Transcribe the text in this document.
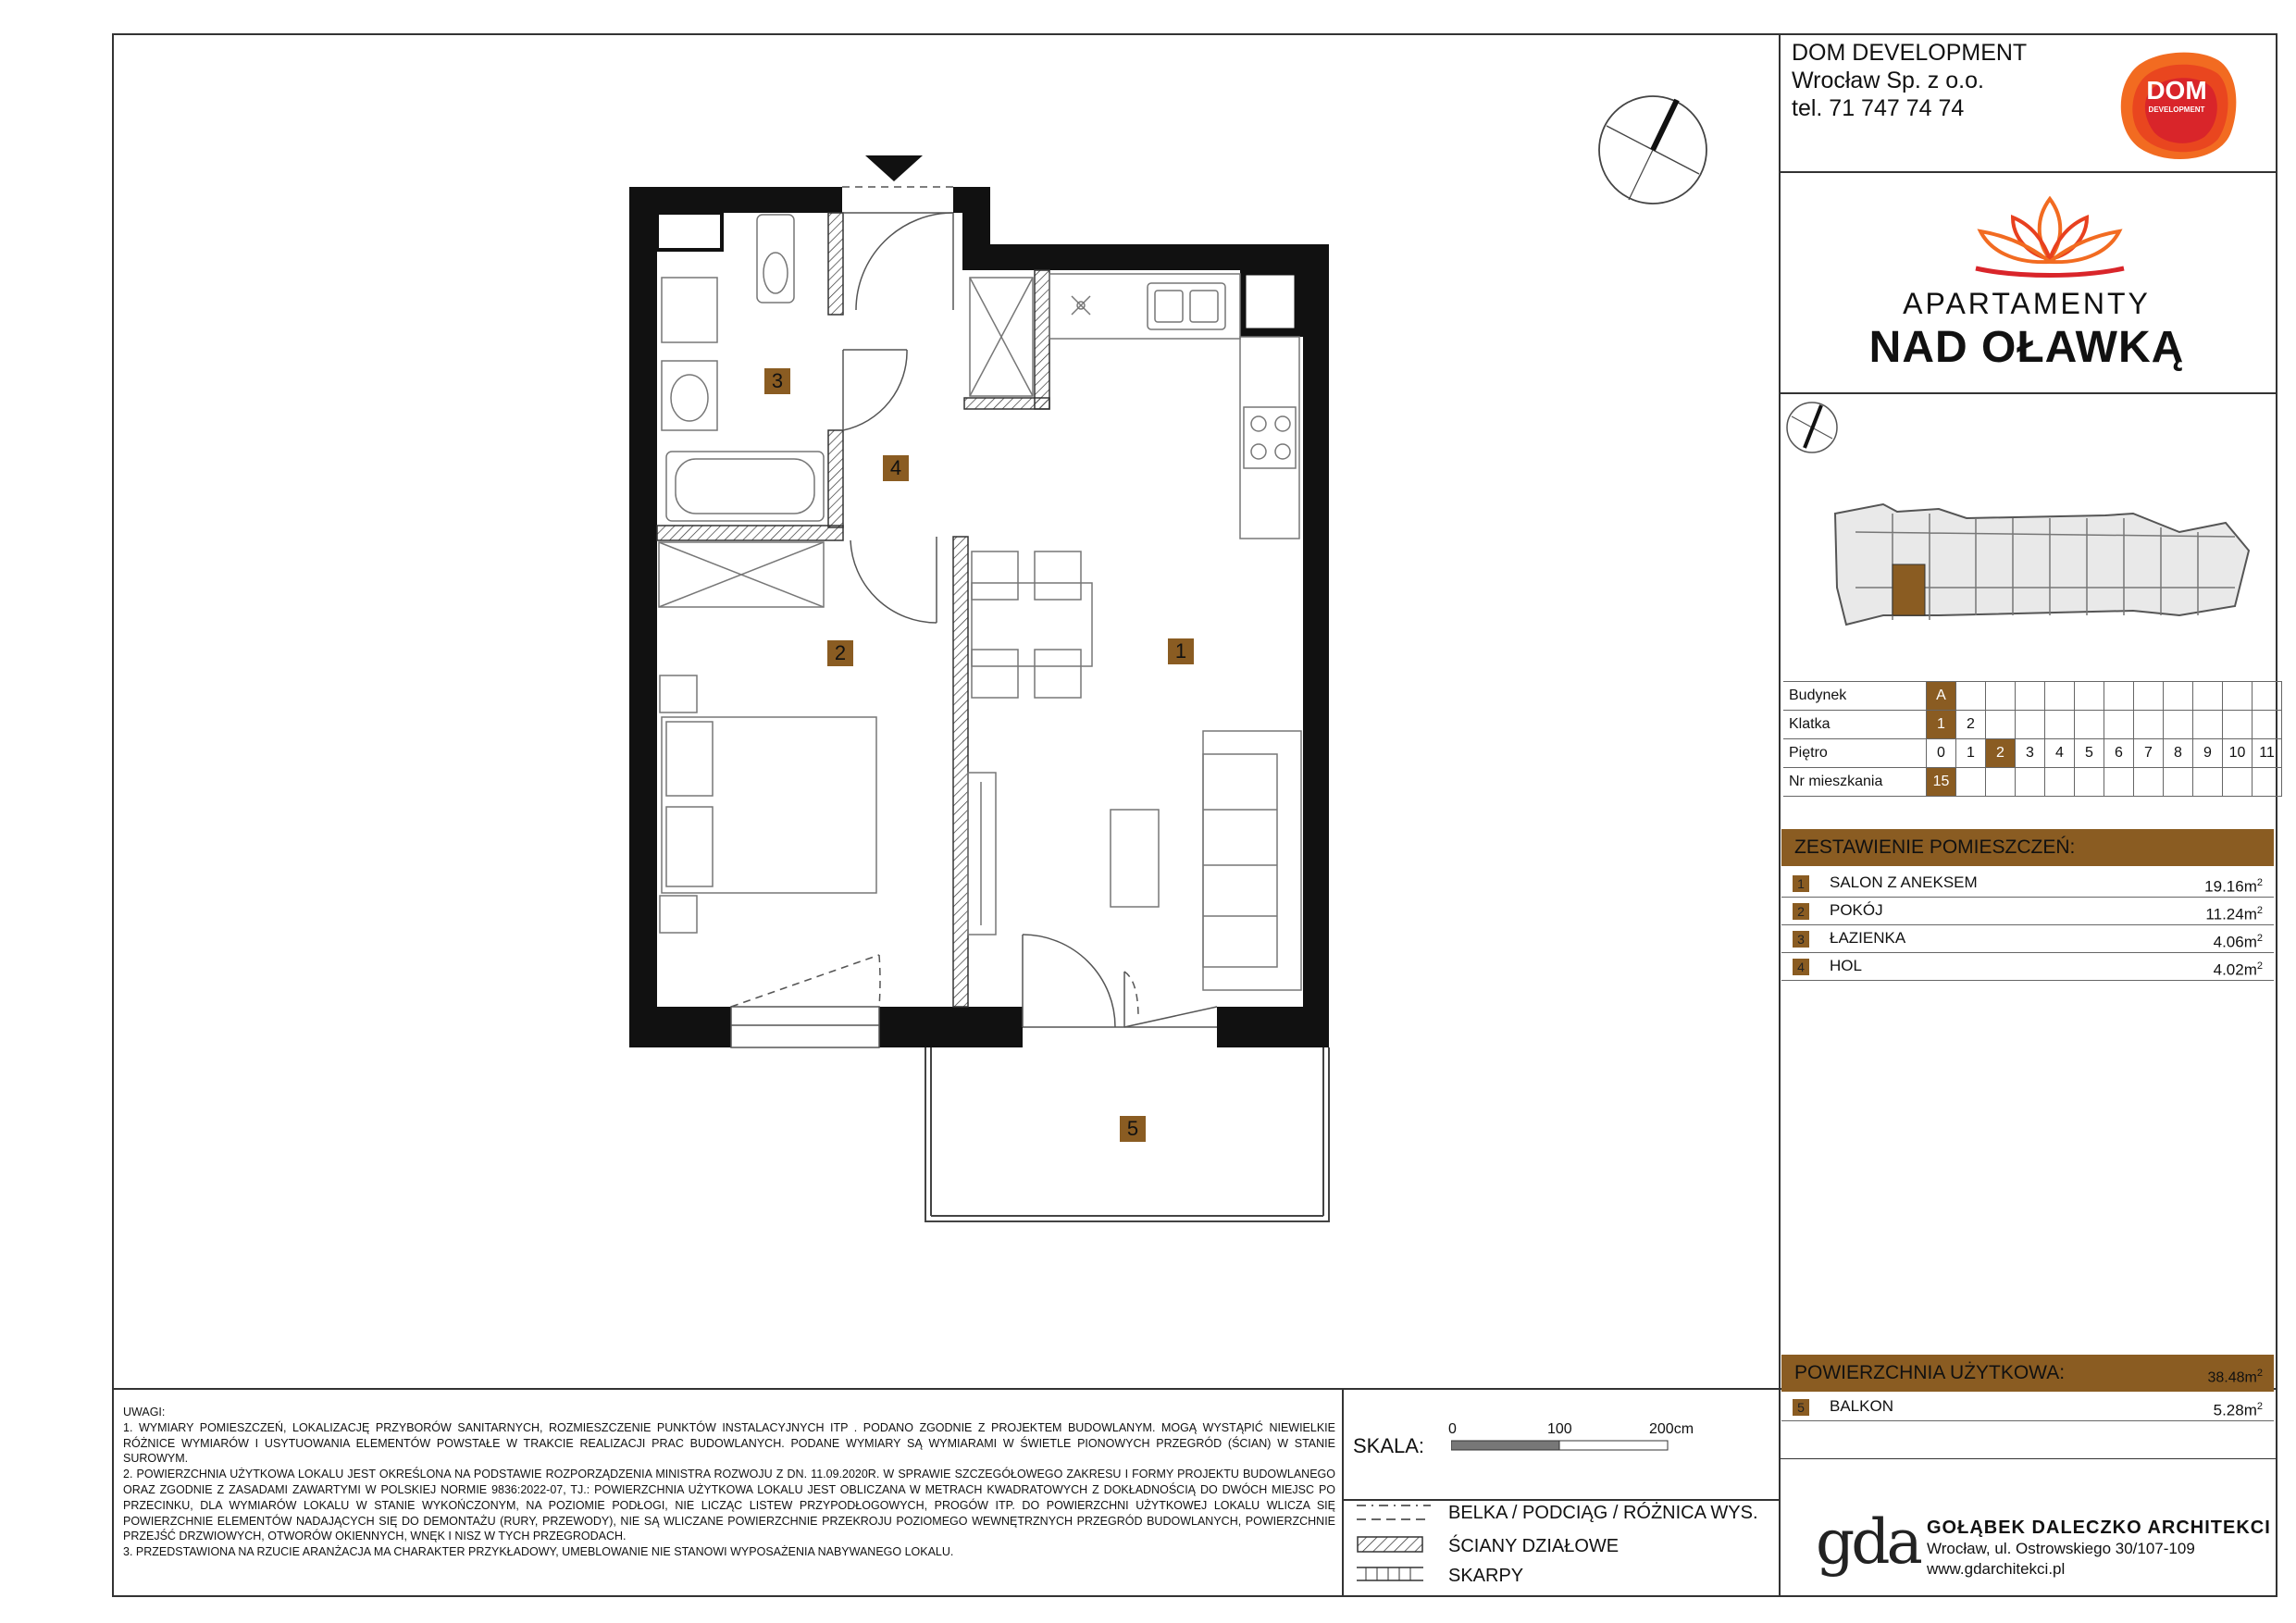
DOM DEVELOPMENT
Wrocław Sp. z o.o.
tel. 71 747 74 74
DOM
DEVELOPMENT
APARTAMENTY
NAD OŁAWKĄ
Budynek	A											
Klatka	1	2										
Piętro	0	1	2	3	4	5	6	7	8	9	10	11
Nr mieszkania	15											
ZESTAWIENIE POMIESZCZEŃ:
1	SALON Z ANEKSEM	$19.16m^2$
2	POKÓJ	$11.24m^2$
3	ŁAZIENKA	$4.06m^2$
4	HOL	$4.02m^2$
POWIERZCHNIA UŻYTKOWA:	$38.48m^2$
5	BALKON	$5.28m^2$

UWAGI:

1. WYMIARY POMIESZCZEŃ, LOKALIZACJĘ PRZYBORÓW SANITARNYCH, ROZMIESZCZENIE PUNKTÓW INSTALACYJNYCH ITP . PODANO ZGODNIE Z PROJEKTEM BUDOWLANYM. MOGĄ WYSTĄPIĆ NIEWIELKIE RÓŻNICE WYMIARÓW I USYTUOWANIA ELEMENTÓW POWSTAŁE W TRAKCIE REALIZACJI PRAC BUDOWLANYCH. PODANE WYMIARY SĄ WYMIARAMI W ŚWIETLE PIONOWYCH PRZEGRÓD (ŚCIAN) W STANIE SUROWYM.

2. POWIERZCHNIA UŻYTKOWA LOKALU JEST OKREŚLONA NA PODSTAWIE ROZPORZĄDZENIA MINISTRA ROZWOJU Z DN. 11.09.2020R. W SPRAWIE SZCZEGÓŁOWEGO ZAKRESU I FORMY PROJEKTU BUDOWLANEGO ORAZ ZGODNIE Z ZASADAMI ZAWARTYMI W POLSKIEJ NORMIE 9836:2022-07, TJ.: POWIERZCHNIA UŻYTKOWA LOKALU JEST OBLICZANA W METRACH KWADRATOWYCH Z DOKŁADNOŚCIĄ DO DWÓCH MIEJSC PO PRZECINKU, DLA WYMIARÓW LOKALU W STANIE WYKOŃCZONYM, NA POZIOMIE PODŁOGI, NIE LICZĄC LISTEW PRZYPODŁOGOWYCH, PROGÓW ITP. DO POWIERZCHNI UŻYTKOWEJ LOKALU WLICZA SIĘ POWIERZCHNIE ELEMENTÓW NADAJĄCYCH SIĘ DO DEMONTAŻU (RURY, PRZEWODY), NIE SĄ WLICZANE POWIERZCHNIE PRZEKROJU POZIOMEGO WEWNĘTRZNYCH PRZEGRÓD BUDOWLANYCH, POWIERZCHNIE PRZEJŚĆ DRZWIOWYCH, OTWORÓW OKIENNYCH, WNĘK I NISZ W TYCH PRZEGRODACH.

3. PRZEDSTAWIONA NA RZUCIE ARANŻACJA MA CHARAKTER PRZYKŁADOWY, UMEBLOWANIE NIE STANOWI WYPOSAŻENIA NABYWANEGO LOKALU.

SKALA:
0	100	200cm
BELKA / PODCIĄG / RÓŻNICA WYS.
ŚCIANY DZIAŁOWE
SKARPY	gda GOŁĄBEK DALECZKO ARCHITEKCI
Wrocław, ul. Ostrowskiego 30/107-109
www.gdarchitekci.pl
1
2
3
4
5
